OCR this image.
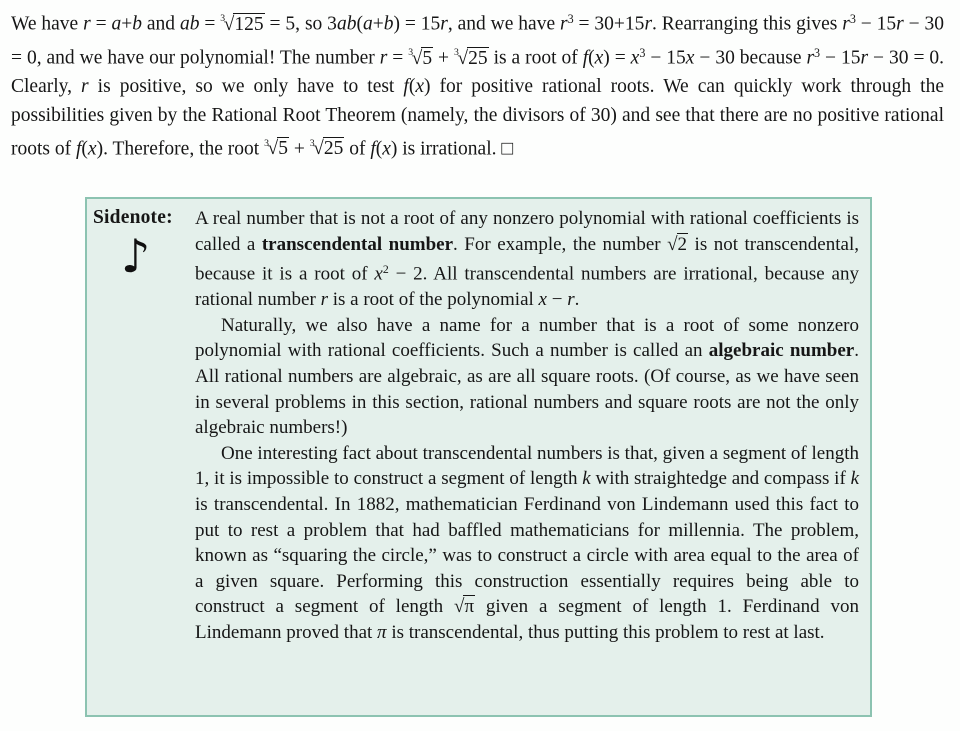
We have r = a+b and ab = $^3$√125 = 5, so 3ab(a+b) = 15r, and we have $r^3 = 30+15r$. Rearranging this gives $r^3 - 15r - 30 = 0$, and we have our polynomial! The number r = $^3$√5 + $^3$√25 is a root of $f(x) = x^3 - 15x - 30$ because $r^3 - 15r - 30 = 0$. Clearly, r is positive, so we only have to test f(x) for positive rational roots. We can quickly work through the possibilities given by the Rational Root Theorem (namely, the divisors of 30) and see that there are no positive rational roots of f(x). Therefore, the root $^3$√5 + $^3$√25 of f(x) is irrational. □

Sidenote:
♪

A real number that is not a root of any nonzero polynomial with rational coefficients is called a transcendental number. For example, the number √2 is not transcendental, because it is a root of $x^2 - 2$. All transcendental numbers are irrational, because any rational number r is a root of the polynomial x − r.

Naturally, we also have a name for a number that is a root of some nonzero polynomial with rational coefficients. Such a number is called an algebraic number. All rational numbers are algebraic, as are all square roots. (Of course, as we have seen in several problems in this section, rational numbers and square roots are not the only algebraic numbers!)

One interesting fact about transcendental numbers is that, given a segment of length 1, it is impossible to construct a segment of length k with straightedge and compass if k is transcendental. In 1882, mathematician Ferdinand von Lindemann used this fact to put to rest a problem that had baffled mathematicians for millennia. The problem, known as “squaring the circle,” was to construct a circle with area equal to the area of a given square. Performing this construction essentially requires being able to construct a segment of length √π given a segment of length 1. Ferdinand von Lindemann proved that π is transcendental, thus putting this problem to rest at last.
